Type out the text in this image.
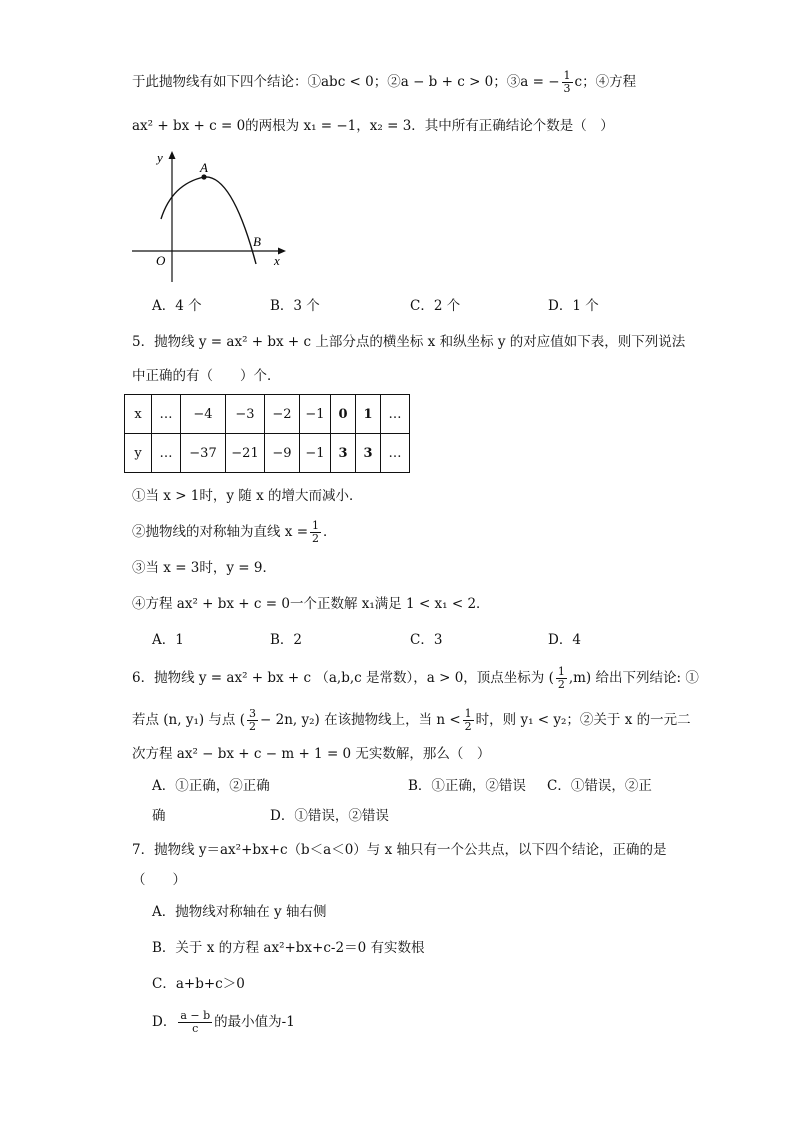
于此抛物线有如下四个结论：①abc < 0；②a − b + c > 0；③a = − $\frac{1}{3}$ c；④方程
ax² + bx + c = 0的两根为 x₁ = −1，x₂ = 3．其中所有正确结论个数是（　）
A
B
O	x
y
A．4 个	B．3 个	C．2 个	D．1 个
5．抛物线 y = ax² + bx + c 上部分点的横坐标 x 和纵坐标 y 的对应值如下表，则下列说法
中正确的有（　　）个．
x	…	−4	−3	−2	−1	0	1	…
y	…	−37	−21	−9	−1	3	3	…
①当 x > 1时，y 随 x 的增大而减小．
②抛物线的对称轴为直线 $x = \frac{1}{2}$ ．
③当 x = 3时，y = 9．
④方程 ax² + bx + c = 0一个正数解 x₁满足 1 < x₁ < 2．
A．1	B．2	C．3	D．4
6．抛物线 y = ax² + bx + c （a,b,c 是常数），a > 0，顶点坐标为 ( $\frac{1}{2} ,m$) 给出下列结论: ①
若点 (n, y₁) 与点 ( $\frac{3}{2} - 2n$, y₂) 在该抛物线上，当 $n < \frac{1}{2}$ 时，则 y₁ < y₂；②关于 x 的一元二
次方程 ax² − bx + c − m + 1 = 0 无实数解，那么（　）
A．①正确，②正确	B．①正确，②错误 C．①错误，②正
确	D．①错误，②错误
7．抛物线 y＝ax²+bx+c（b＜a＜0）与 x 轴只有一个公共点，以下四个结论，正确的是
（　　）
A．抛物线对称轴在 y 轴右侧
B．关于 x 的方程 ax²+bx+c-2＝0 有实数根
C．a+b+c＞0
D． $\frac{a - b}{c}$ 的最小值为-1
